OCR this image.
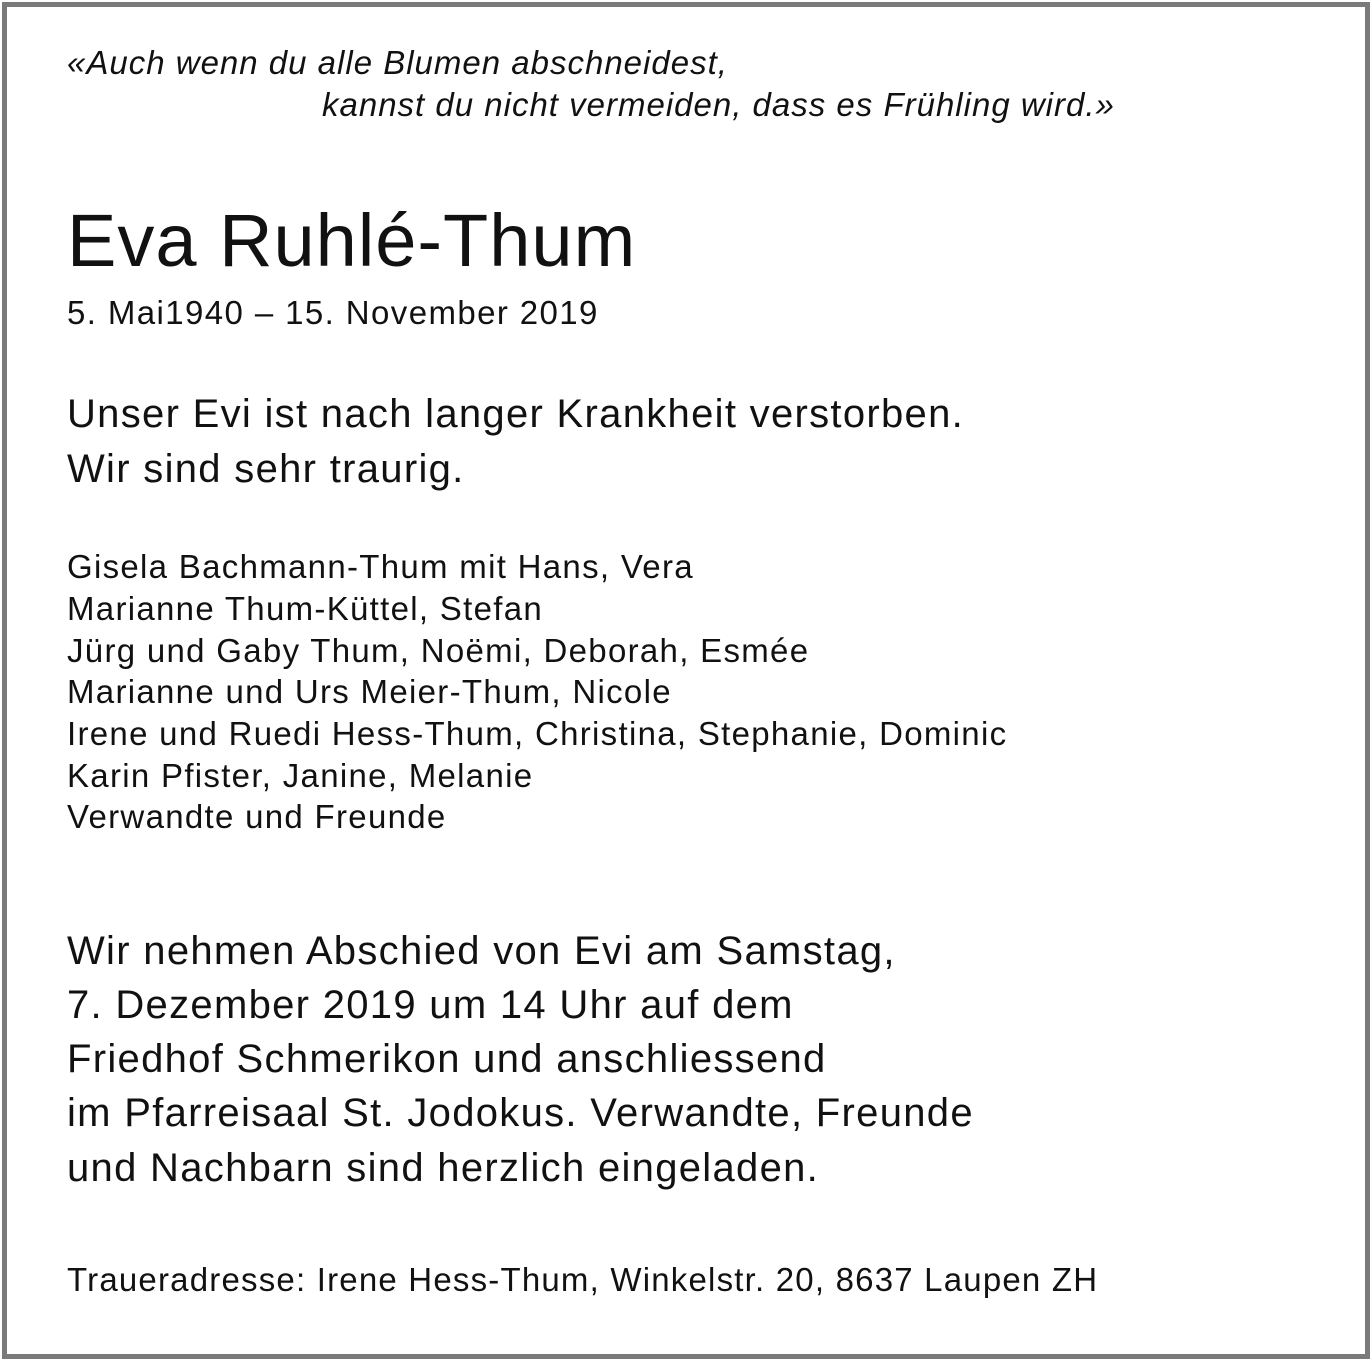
«Auch wenn du alle Blumen abschneidest,

kannst du nicht vermeiden, dass es Frühling wird.»

Eva Ruhlé-Thum

5. Mai1940 – 15. November 2019

Unser Evi ist nach langer Krankheit verstorben.

Wir sind sehr traurig.

Gisela Bachmann-Thum mit Hans, Vera

Marianne Thum-Küttel, Stefan

Jürg und Gaby Thum, Noëmi, Deborah, Esmée

Marianne und Urs Meier-Thum, Nicole

Irene und Ruedi Hess-Thum, Christina, Stephanie, Dominic

Karin Pfister, Janine, Melanie

Verwandte und Freunde

Wir nehmen Abschied von Evi am Samstag,

7. Dezember 2019 um 14 Uhr auf dem

Friedhof Schmerikon und anschliessend

im Pfarreisaal St. Jodokus. Verwandte, Freunde

und Nachbarn sind herzlich eingeladen.

Traueradresse: Irene Hess-Thum, Winkelstr. 20, 8637 Laupen ZH
